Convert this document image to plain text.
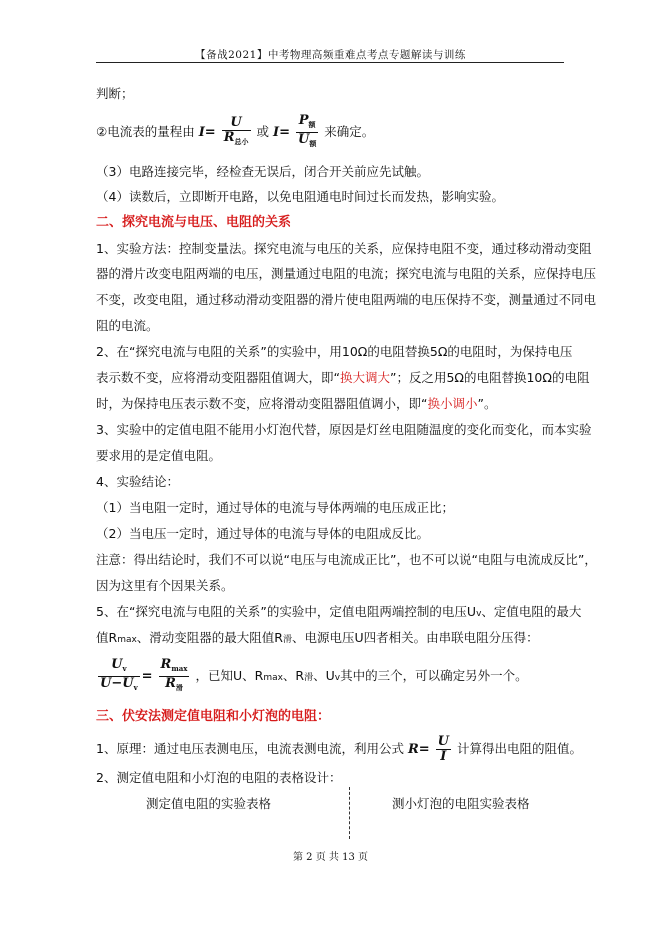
【备战2021】中考物理高频重难点考点专题解读与训练
判断；
②电流表的量程由 $I= \frac{U}{R_{总小}}$ 或 $I= \frac{P_额}{U_额}$ 来确定。
（3）电路连接完毕，经检查无误后，闭合开关前应先试触。
（4）读数后，立即断开电路，以免电阻通电时间过长而发热，影响实验。
二、探究电流与电压、电阻的关系
1、实验方法：控制变量法。探究电流与电压的关系，应保持电阻不变，通过移动滑动变阻
器的滑片改变电阻两端的电压，测量通过电阻的电流；探究电流与电阻的关系，应保持电压
不变，改变电阻，通过移动滑动变阻器的滑片使电阻两端的电压保持不变，测量通过不同电
阻的电流。
2、在“探究电流与电阻的关系”的实验中，用10Ω的电阻替换5Ω的电阻时，为保持电压
表示数不变，应将滑动变阻器阻值调大，即“换大调大”；反之用5Ω的电阻替换10Ω的电阻
时，为保持电压表示数不变，应将滑动变阻器阻值调小，即“换小调小”。
3、实验中的定值电阻不能用小灯泡代替，原因是灯丝电阻随温度的变化而变化，而本实验
要求用的是定值电阻。
4、实验结论：
（1）当电阻一定时，通过导体的电流与导体两端的电压成正比；
（2）当电压一定时，通过导体的电流与导体的电阻成反比。
注意：得出结论时，我们不可以说“电压与电流成正比”，也不可以说“电阻与电流成反比”，
因为这里有个因果关系。
5、在“探究电流与电阻的关系”的实验中，定值电阻两端控制的电压Uv、定值电阻的最大
值Rmax、滑动变阻器的最大阻值R滑、电源电压U四者相关。由串联电阻分压得：
$\frac{U_v}{U-U_v} = \frac{R_{max}}{R_滑}$ ，已知U、Rmax、R滑、Uv其中的三个，可以确定另外一个。
三、伏安法测定值电阻和小灯泡的电阻：
1、原理：通过电压表测电压，电流表测电流，利用公式 $R= \frac{U}{I}$ 计算得出电阻的阻值。
2、测定值电阻和小灯泡的电阻的表格设计：
测定值电阻的实验表格	测小灯泡的电阻实验表格
第 2 页 共 13 页
